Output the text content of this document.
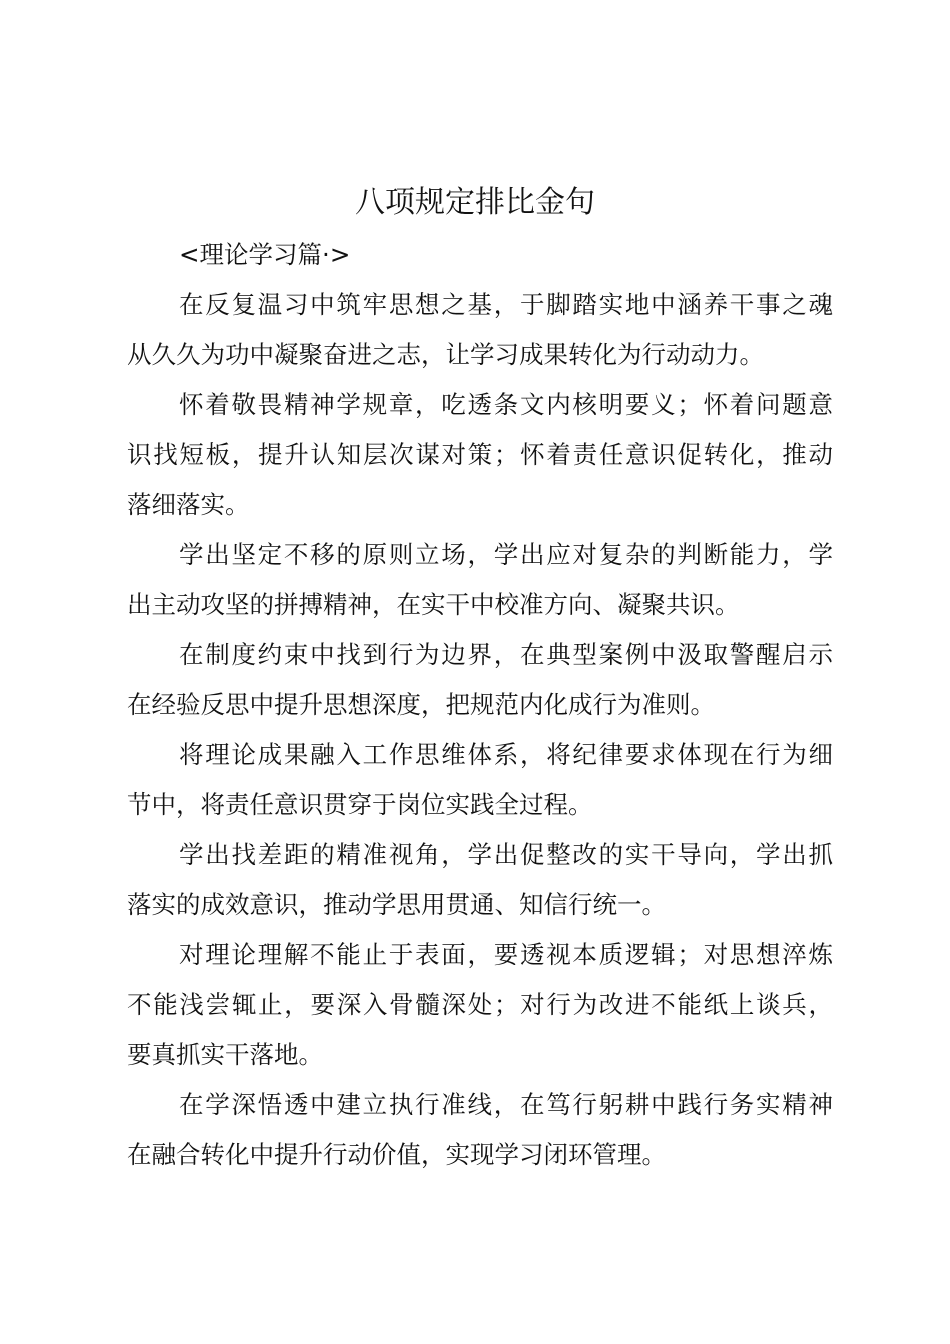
八项规定排比金句

<理论学习篇·>

在反复温习中筑牢思想之基，于脚踏实地中涵养干事之魂
从久久为功中凝聚奋进之志，让学习成果转化为行动动力。

怀着敬畏精神学规章，吃透条文内核明要义；怀着问题意
识找短板，提升认知层次谋对策；怀着责任意识促转化，推动
落细落实。

学出坚定不移的原则立场，学出应对复杂的判断能力，学
出主动攻坚的拼搏精神，在实干中校准方向、凝聚共识。

在制度约束中找到行为边界，在典型案例中汲取警醒启示
在经验反思中提升思想深度，把规范内化成行为准则。

将理论成果融入工作思维体系，将纪律要求体现在行为细
节中，将责任意识贯穿于岗位实践全过程。

学出找差距的精准视角，学出促整改的实干导向，学出抓
落实的成效意识，推动学思用贯通、知信行统一。

对理论理解不能止于表面，要透视本质逻辑；对思想淬炼
不能浅尝辄止，要深入骨髓深处；对行为改进不能纸上谈兵，
要真抓实干落地。

在学深悟透中建立执行准线，在笃行躬耕中践行务实精神
在融合转化中提升行动价值，实现学习闭环管理。
